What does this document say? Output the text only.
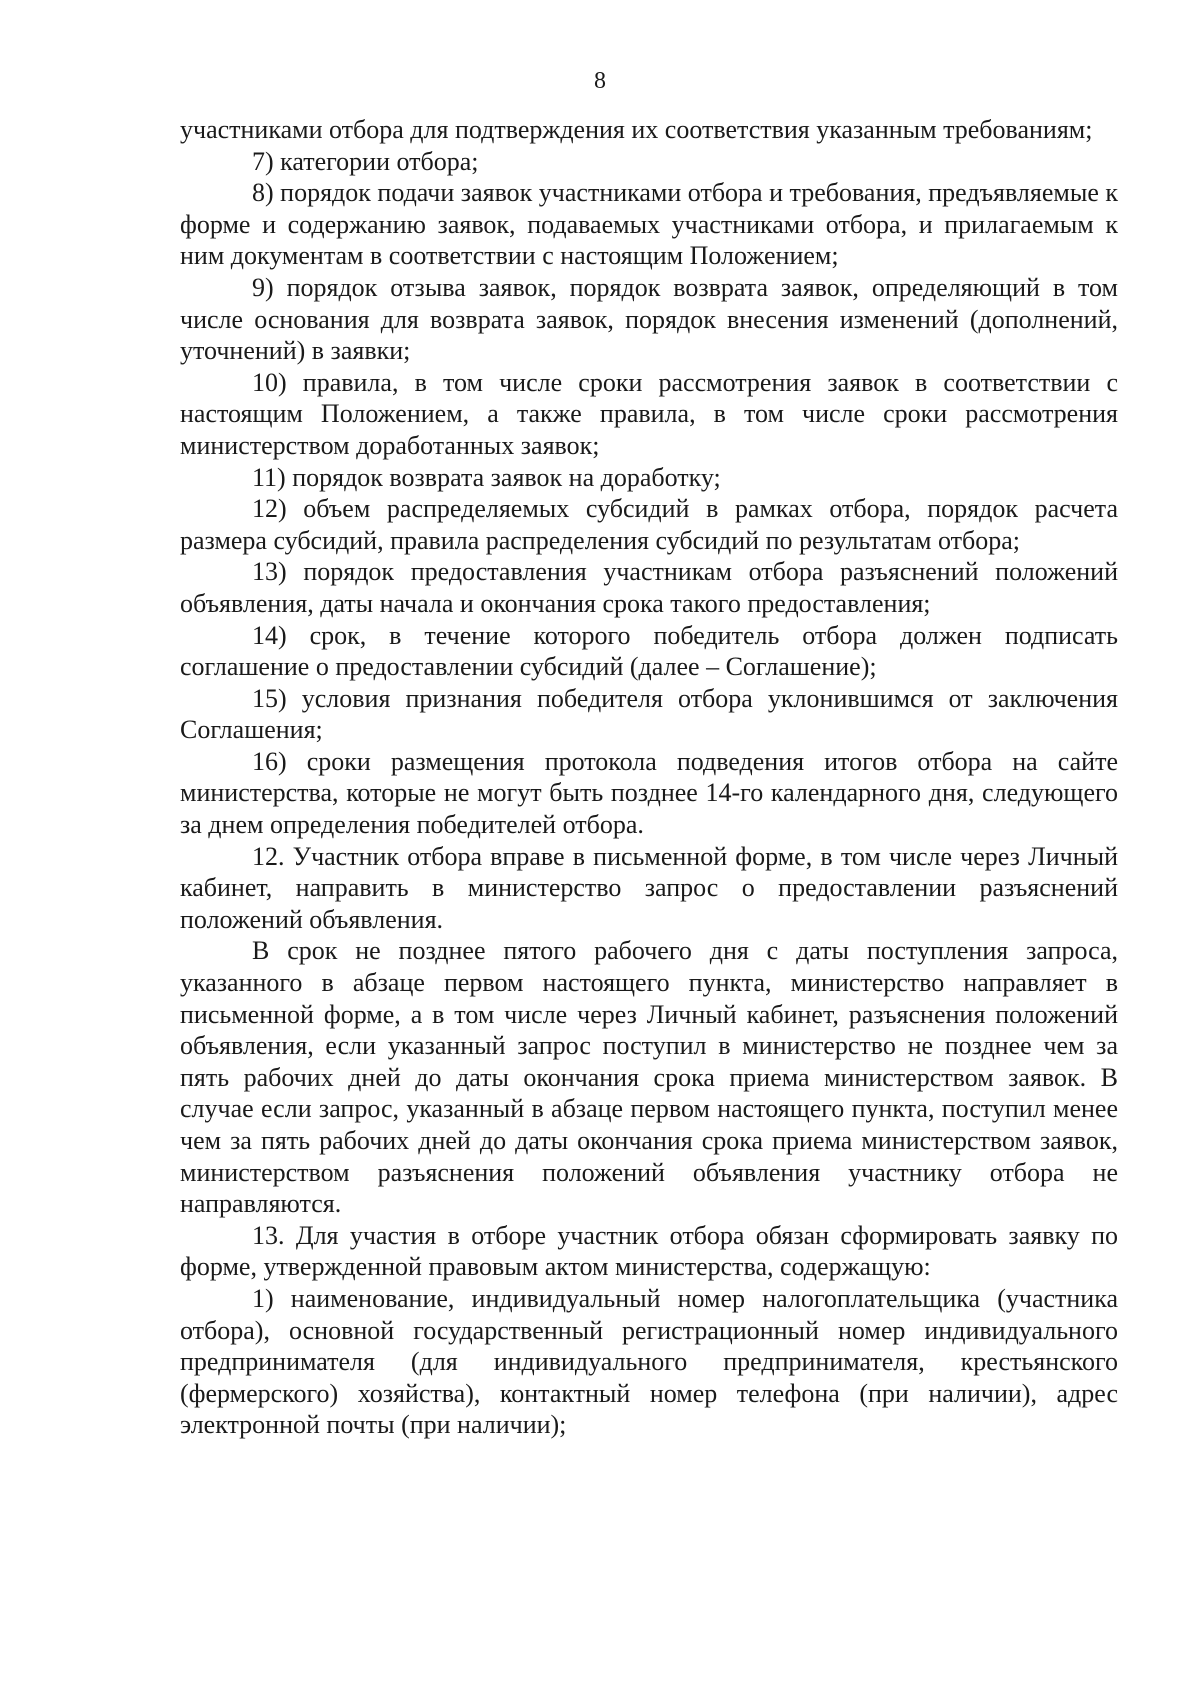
8

участниками отбора для подтверждения их соответствия указанным требованиям;

7) категории отбора;

8) порядок подачи заявок участниками отбора и требования, предъявляемые к форме и содержанию заявок, подаваемых участниками отбора, и прилагаемым к ним документам в соответствии с настоящим Положением;

9) порядок отзыва заявок, порядок возврата заявок, определяющий в том числе основания для возврата заявок, порядок внесения изменений (дополнений, уточнений) в заявки;

10) правила, в том числе сроки рассмотрения заявок в соответствии с настоящим Положением, а также правила, в том числе сроки рассмотрения министерством доработанных заявок;

11) порядок возврата заявок на доработку;

12) объем распределяемых субсидий в рамках отбора, порядок расчета размера субсидий, правила распределения субсидий по результатам отбора;

13) порядок предоставления участникам отбора разъяснений положений объявления, даты начала и окончания срока такого предоставления;

14) срок, в течение которого победитель отбора должен подписать соглашение о предоставлении субсидий (далее – Соглашение);

15) условия признания победителя отбора уклонившимся от заключения Соглашения;

16) сроки размещения протокола подведения итогов отбора на сайте министерства, которые не могут быть позднее 14-го календарного дня, следующего за днем определения победителей отбора.

12. Участник отбора вправе в письменной форме, в том числе через Личный кабинет, направить в министерство запрос о предоставлении разъяснений положений объявления.

В срок не позднее пятого рабочего дня с даты поступления запроса, указанного в абзаце первом настоящего пункта, министерство направляет в письменной форме, а в том числе через Личный кабинет, разъяснения положений объявления, если указанный запрос поступил в министерство не позднее чем за пять рабочих дней до даты окончания срока приема министерством заявок. В случае если запрос, указанный в абзаце первом настоящего пункта, поступил менее чем за пять рабочих дней до даты окончания срока приема министерством заявок, министерством разъяснения положений объявления участнику отбора не направляются.

13. Для участия в отборе участник отбора обязан сформировать заявку по форме, утвержденной правовым актом министерства, содержащую:

1) наименование, индивидуальный номер налогоплательщика (участника отбора), основной государственный регистрационный номер индивидуального предпринимателя (для индивидуального предпринимателя, крестьянского (фермерского) хозяйства), контактный номер телефона (при наличии), адрес электронной почты (при наличии);
